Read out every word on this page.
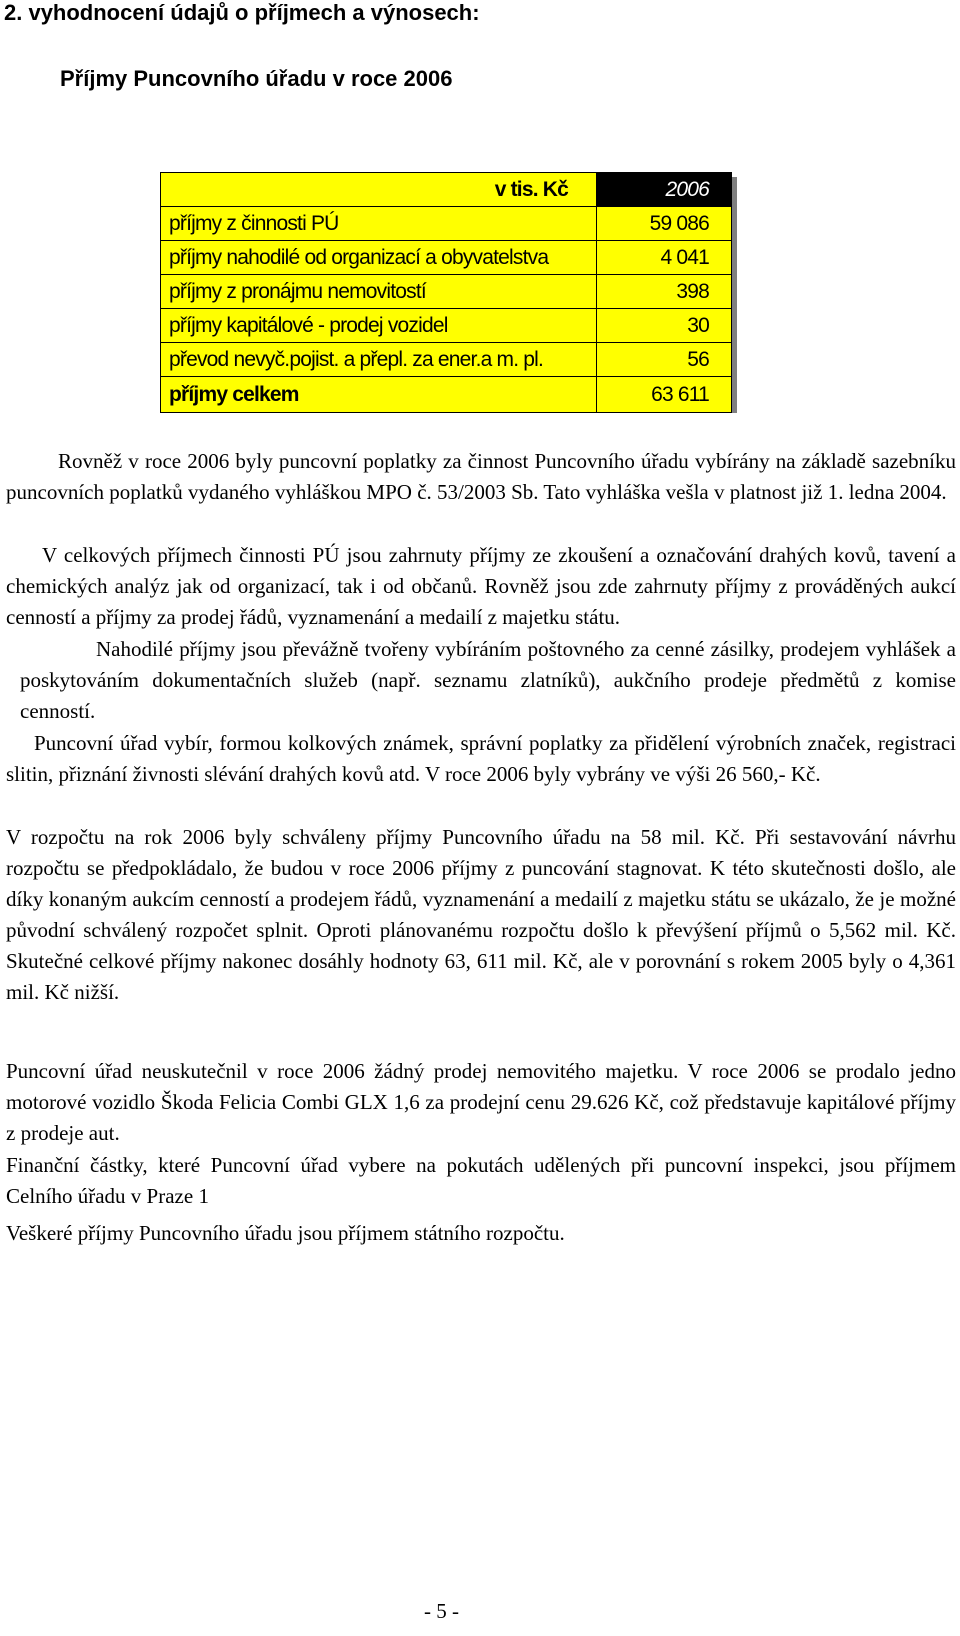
2. vyhodnocení údajů o příjmech a výnosech:
Příjmy Puncovního úřadu v roce 2006
v tis. Kč	2006
příjmy z činnosti PÚ	59 086
příjmy nahodilé od organizací a obyvatelstva	4 041
příjmy z pronájmu nemovitostí	398
příjmy kapitálové - prodej vozidel	30
převod nevyč.pojist. a přepl. za ener.a m. pl.	56
příjmy celkem	63 611
Rovněž v roce 2006 byly puncovní poplatky za činnost Puncovního úřadu vybírány na základě sazebníku puncovních poplatků vydaného vyhláškou MPO č. 53/2003 Sb. Tato vyhláška vešla v platnost již 1. ledna 2004.
V celkových příjmech činnosti PÚ jsou zahrnuty příjmy ze zkoušení a označování drahých kovů, tavení a chemických analýz jak od organizací, tak i od občanů. Rovněž jsou zde zahrnuty příjmy z prováděných aukcí cenností a příjmy za prodej řádů, vyznamenání a medailí z majetku státu.
Nahodilé příjmy jsou převážně tvořeny vybíráním poštovného za cenné zásilky, prodejem vyhlášek a poskytováním dokumentačních služeb (např. seznamu zlatníků), aukčního prodeje předmětů z komise cenností.
Puncovní úřad vybír, formou kolkových známek, správní poplatky za přidělení výrobních značek, registraci slitin, přiznání živnosti slévání drahých kovů atd. V roce 2006 byly vybrány ve výši 26 560,- Kč.
V rozpočtu na rok 2006 byly schváleny příjmy Puncovního úřadu na 58 mil. Kč. Při sestavování návrhu rozpočtu se předpokládalo, že budou v roce 2006 příjmy z puncování stagnovat. K této skutečnosti došlo, ale díky konaným aukcím cenností a prodejem řádů, vyznamenání a medailí z majetku státu se ukázalo, že je možné původní schválený rozpočet splnit. Oproti plánovanému rozpočtu došlo k převýšení příjmů o 5,562 mil. Kč. Skutečné celkové příjmy nakonec dosáhly hodnoty 63, 611 mil. Kč, ale v porovnání s rokem 2005 byly o 4,361 mil. Kč nižší.
Puncovní úřad neuskutečnil v roce 2006 žádný prodej nemovitého majetku. V roce 2006 se prodalo jedno motorové vozidlo Škoda Felicia Combi GLX 1,6 za prodejní cenu 29.626 Kč, což představuje kapitálové příjmy z prodeje aut.
Finanční částky, které Puncovní úřad vybere na pokutách udělených při puncovní inspekci, jsou příjmem Celního úřadu v Praze 1
Veškeré příjmy Puncovního úřadu jsou příjmem státního rozpočtu.
- 5 -
